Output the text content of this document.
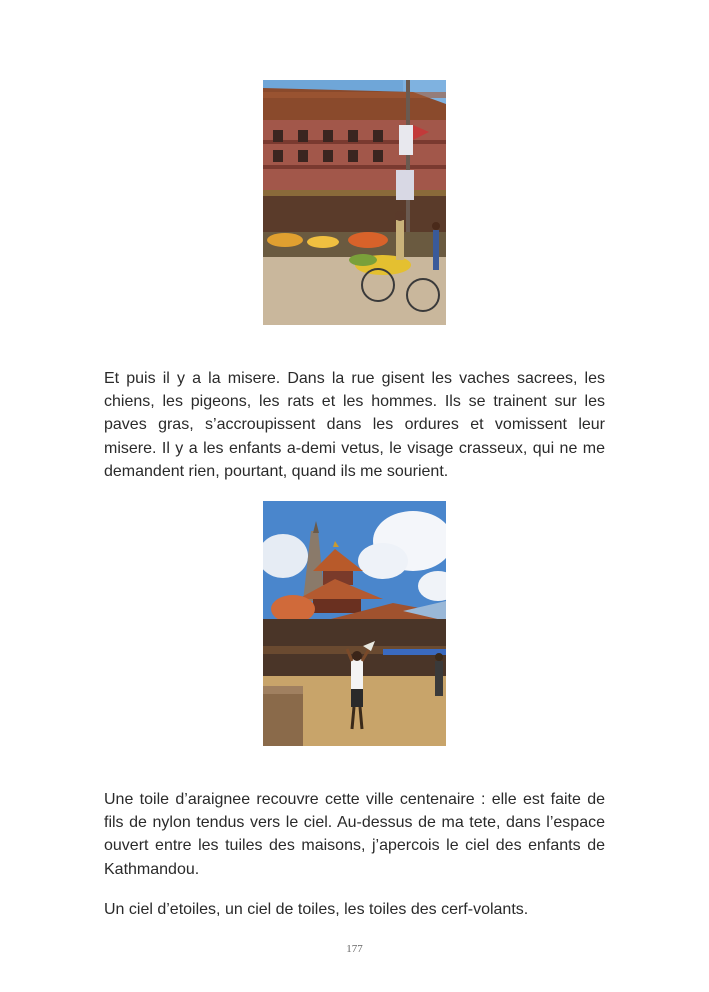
Et puis il y a la misere. Dans la rue gisent les vaches sacrees, les chiens, les pigeons, les rats et les hommes. Ils se trainent sur les paves gras, s’accroupissent dans les ordures et vomissent leur misere. Il y a les enfants a-demi vetus, le visage crasseux, qui ne me demandent rien, pourtant, quand ils me sourient.

Une toile d’araignee recouvre cette ville centenaire : elle est faite de fils de nylon tendus vers le ciel. Au-dessus de ma tete, dans l’espace ouvert entre les tuiles des maisons, j’apercois le ciel des enfants de Kathmandou.

Un ciel d’etoiles, un ciel de toiles, les toiles des cerf-volants.

177
